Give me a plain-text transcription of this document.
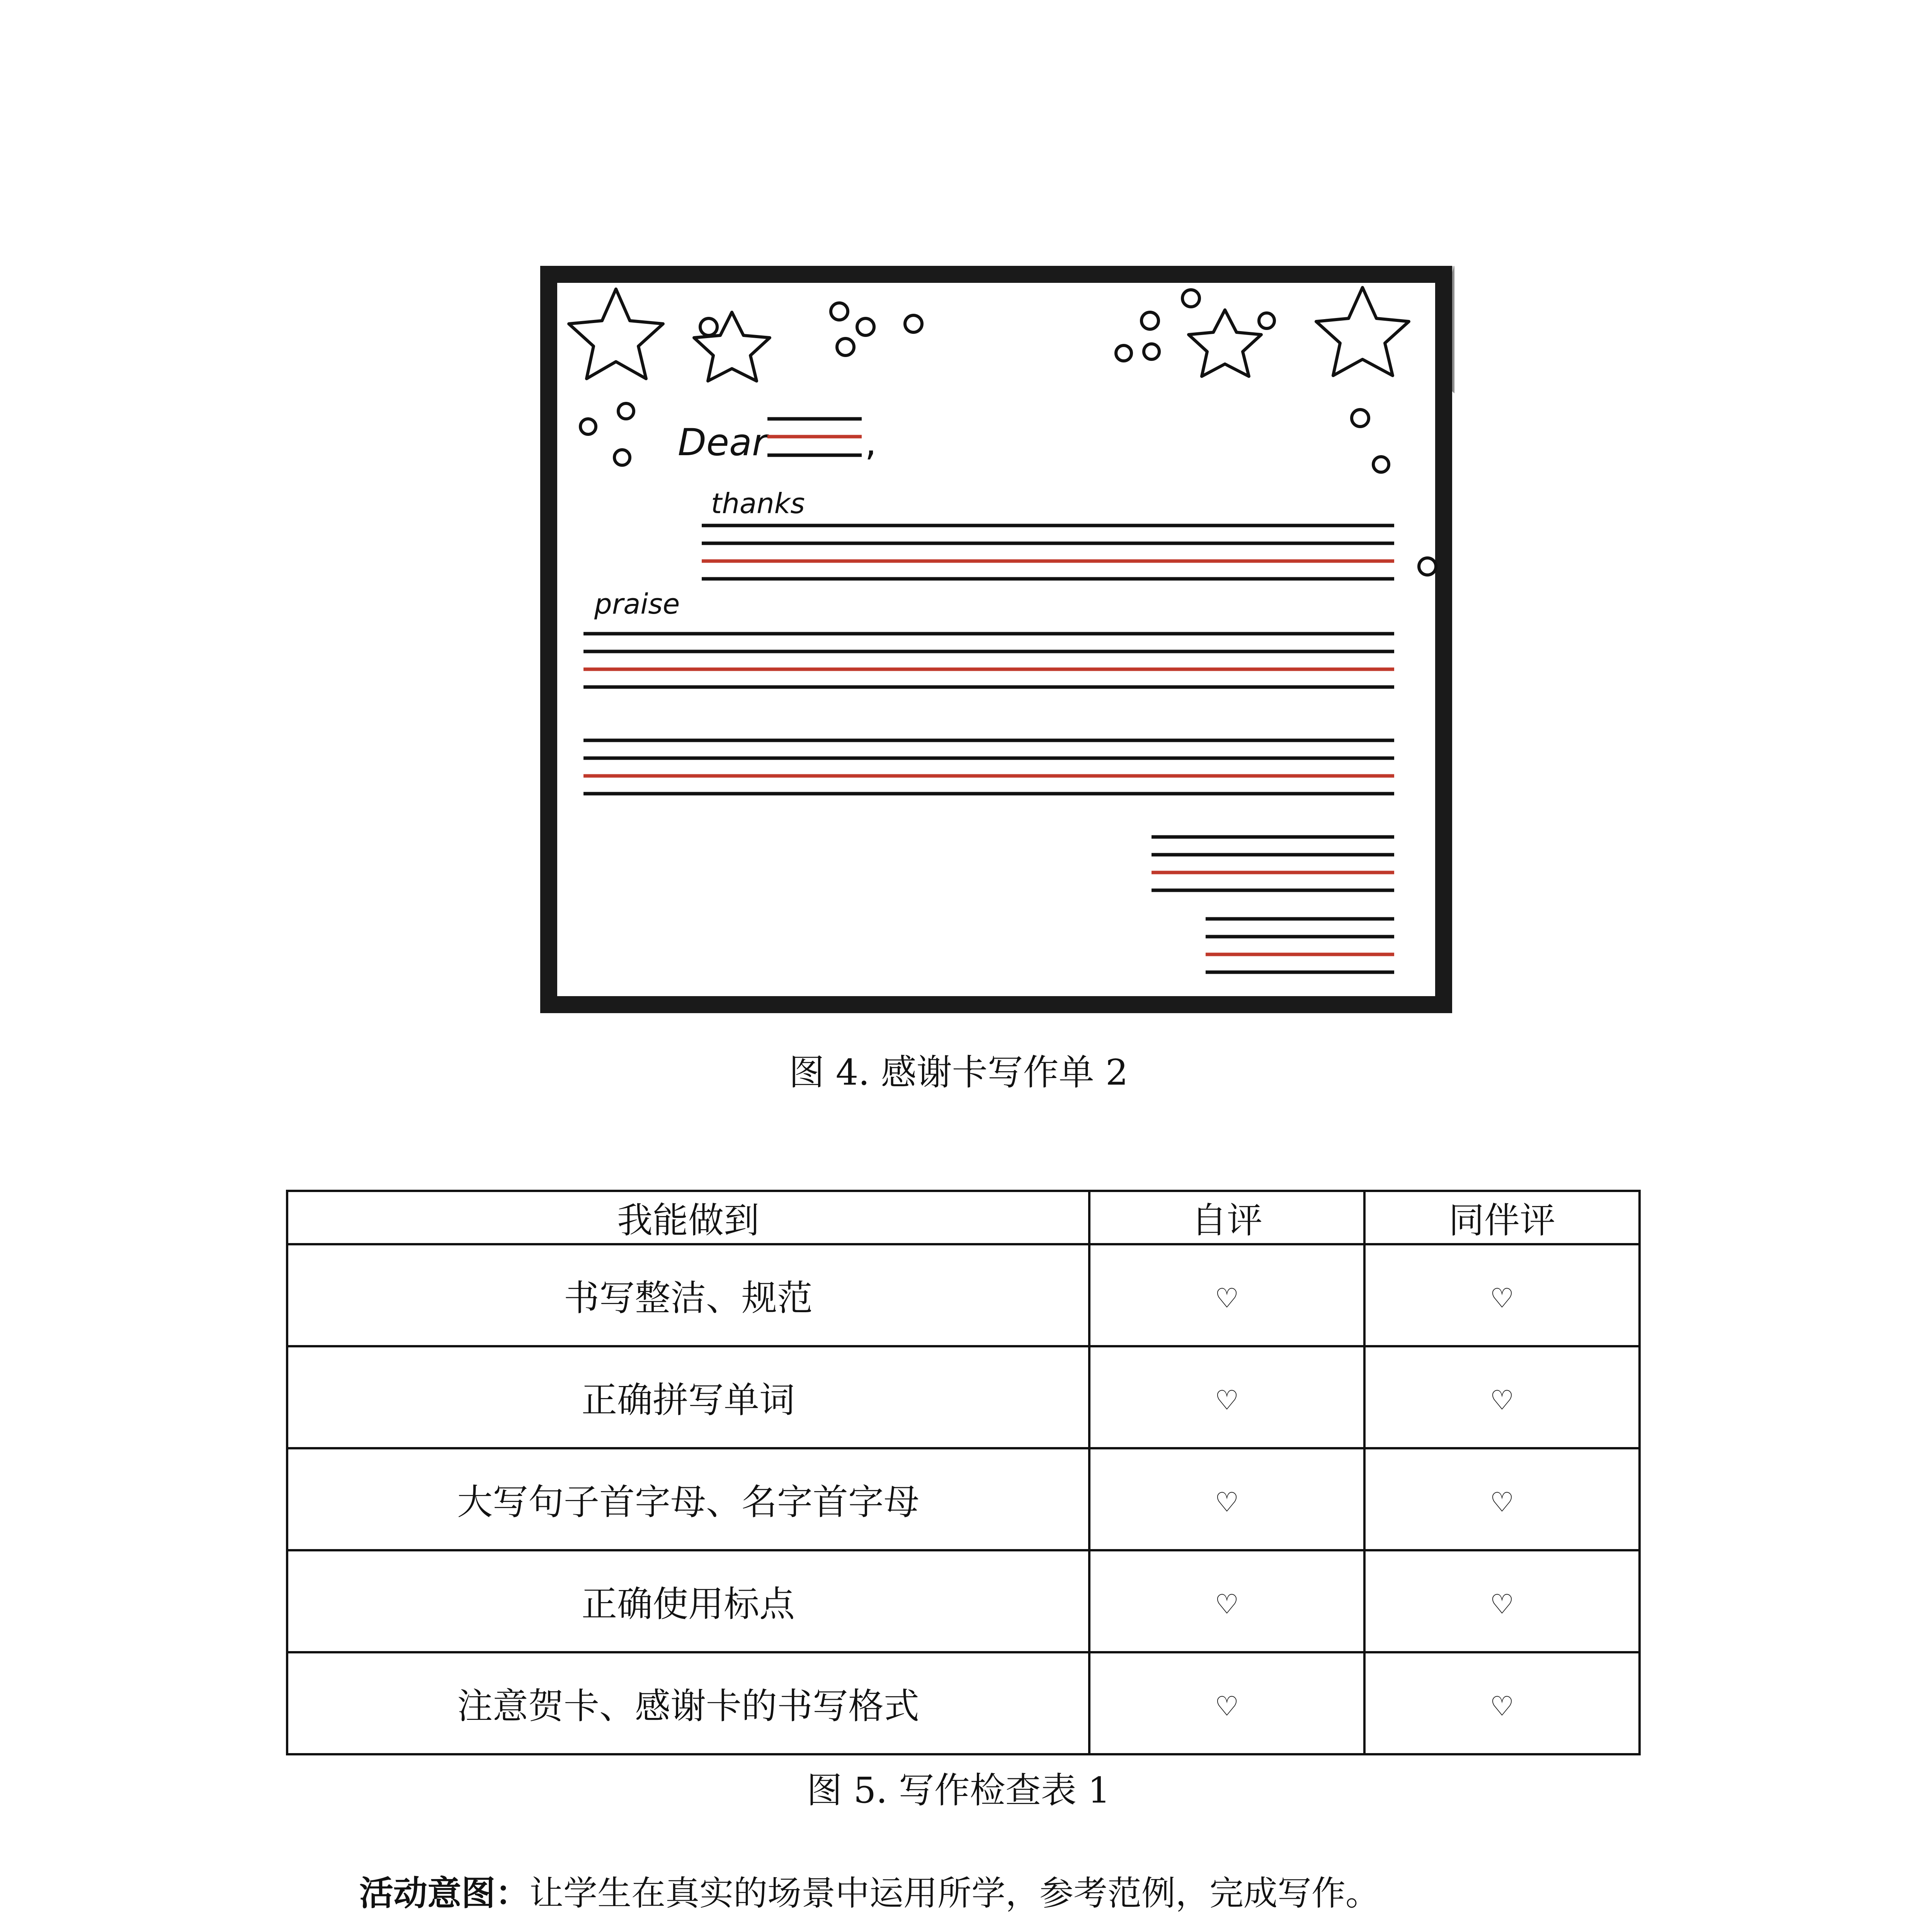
Dear	,
thanks
praise
图 4. 感谢卡写作单 2
我能做到	自评	同伴评
书写整洁、规范	♡	♡
正确拼写单词	♡	♡
大写句子首字母、名字首字母	♡	♡
正确使用标点	♡	♡
注意贺卡、感谢卡的书写格式	♡	♡
图 5. 写作检查表 1
活动意图：让学生在真实的场景中运用所学，参考范例，完成写作。
